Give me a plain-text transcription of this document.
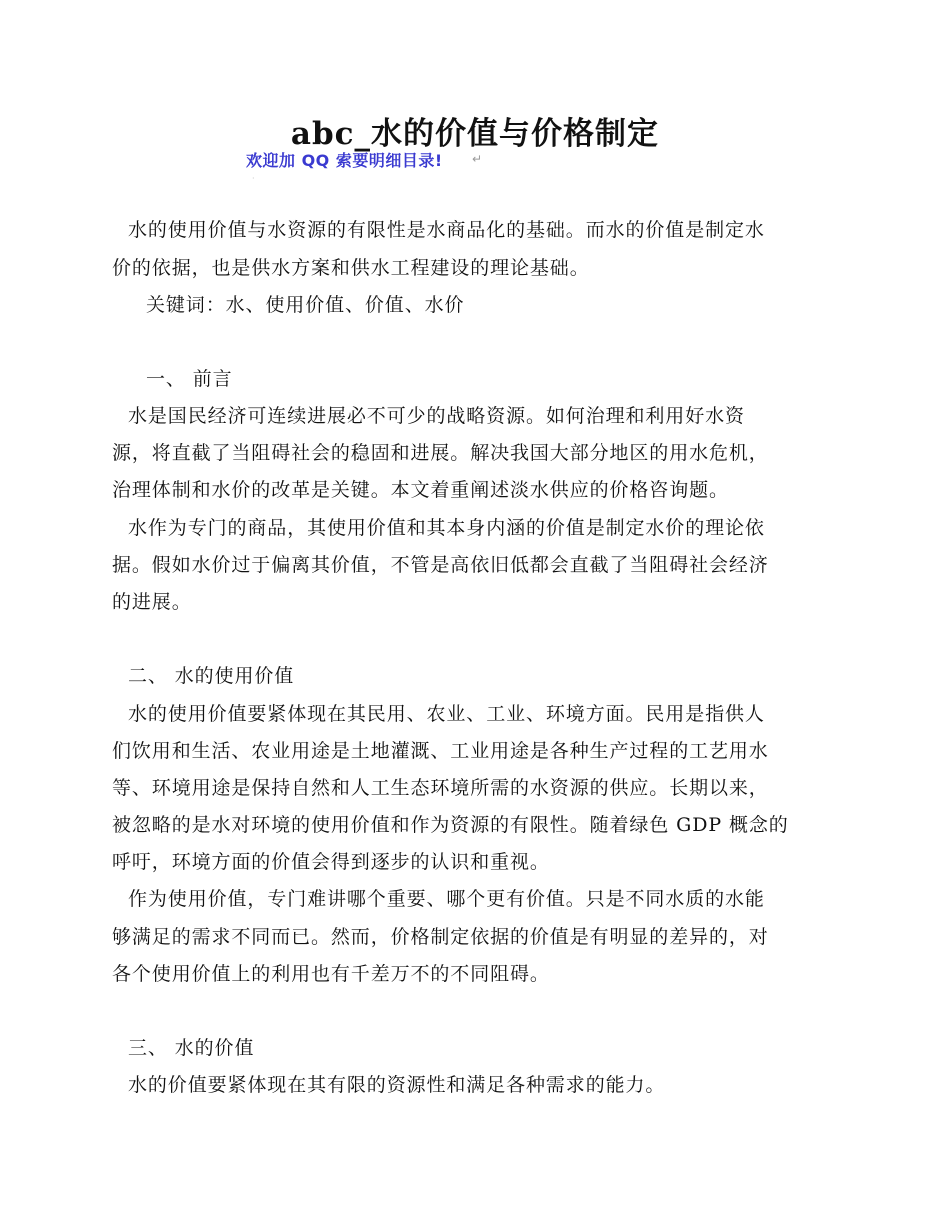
abc_水的价值与价格制定
欢迎加 QQ 索要明细目录! ↵
·
水的使用价值与水资源的有限性是水商品化的基础。而水的价值是制定水
价的依据，也是供水方案和供水工程建设的理论基础。
关键词：水、使用价值、价值、水价
一、 前言
水是国民经济可连续进展必不可少的战略资源。如何治理和利用好水资
源，将直截了当阻碍社会的稳固和进展。解决我国大部分地区的用水危机，
治理体制和水价的改革是关键。本文着重阐述淡水供应的价格咨询题。
水作为专门的商品，其使用价值和其本身内涵的价值是制定水价的理论依
据。假如水价过于偏离其价值，不管是高依旧低都会直截了当阻碍社会经济
的进展。
二、 水的使用价值
水的使用价值要紧体现在其民用、农业、工业、环境方面。民用是指供人
们饮用和生活、农业用途是土地灌溉、工业用途是各种生产过程的工艺用水
等、环境用途是保持自然和人工生态环境所需的水资源的供应。长期以来，
被忽略的是水对环境的使用价值和作为资源的有限性。随着绿色 GDP 概念的
呼吁，环境方面的价值会得到逐步的认识和重视。
作为使用价值，专门难讲哪个重要、哪个更有价值。只是不同水质的水能
够满足的需求不同而已。然而，价格制定依据的价值是有明显的差异的，对
各个使用价值上的利用也有千差万不的不同阻碍。
三、 水的价值
水的价值要紧体现在其有限的资源性和满足各种需求的能力。
